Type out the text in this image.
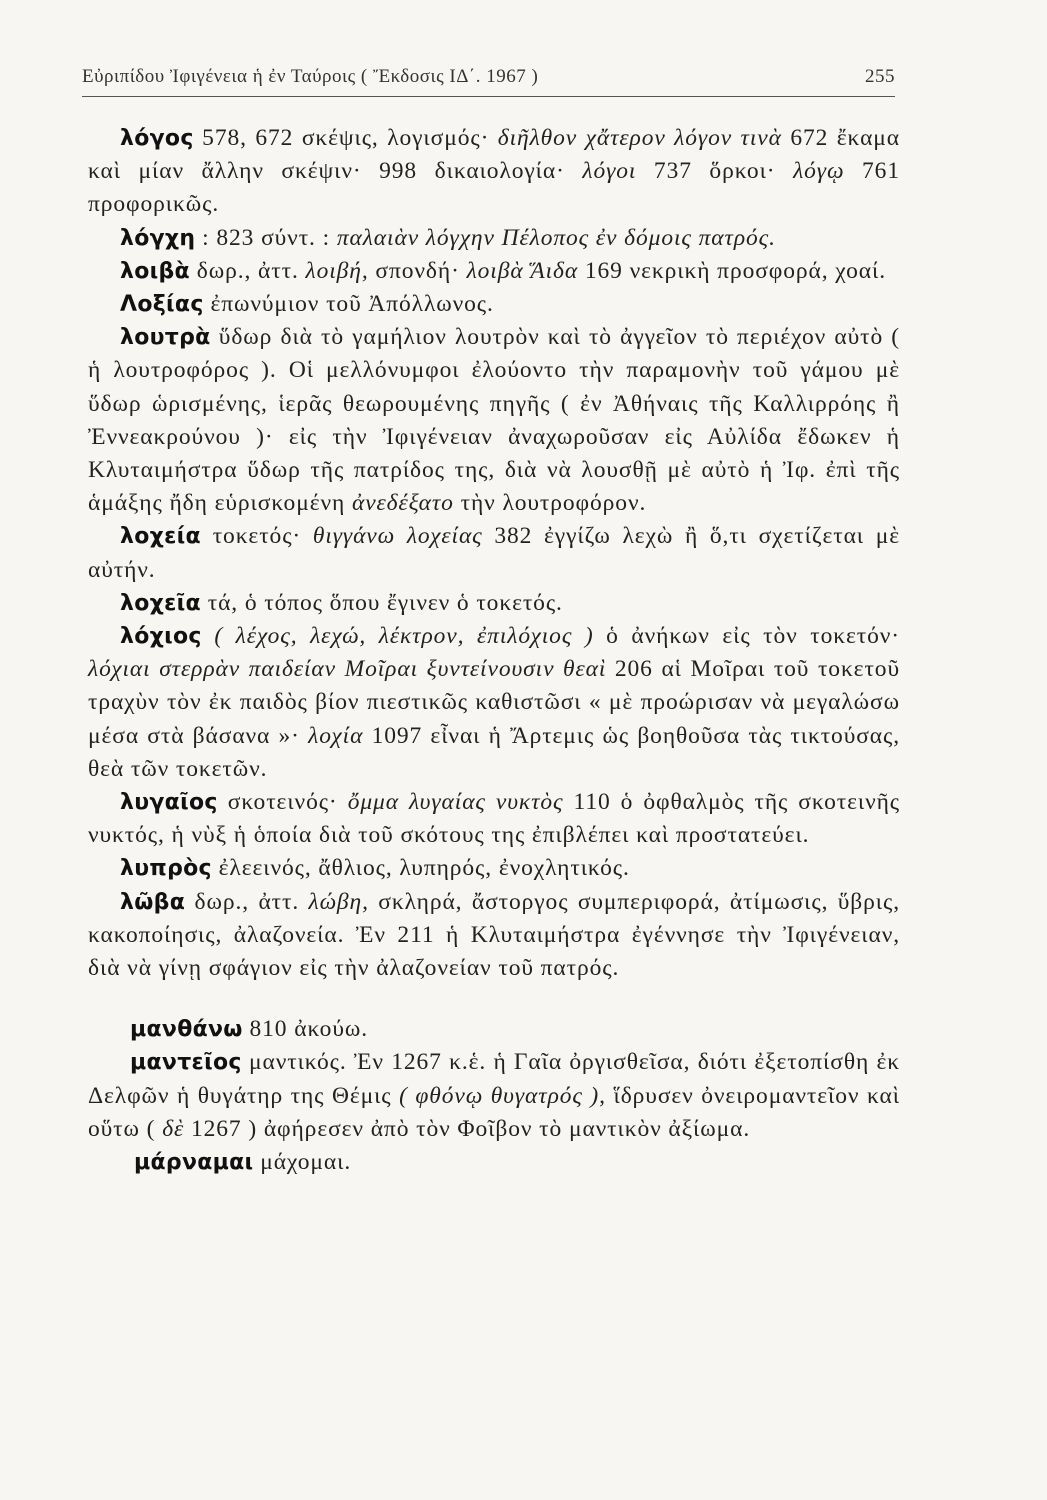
Εὐριπίδου Ἰφιγένεια ἡ ἐν Ταύροις ( Ἔκδοσις ΙΔ΄. 1967 )	255

λόγος 578, 672 σκέψις, λογισμός· διῆλθον χἄτερον λόγον τινὰ 672 ἔκαμα καὶ μίαν ἄλλην σκέψιν· 998 δικαιολογία· λόγοι 737 ὅρκοι· λόγῳ 761 προφορικῶς.

λόγχη : 823 σύντ. : παλαιὰν λόγχην Πέλοπος ἐν δόμοις πατρός.

λοιβὰ δωρ., ἀττ. λοιβή, σπονδή· λοιβὰ Ἅιδα 169 νεκρικὴ προσφορά, χοαί.

Λοξίας ἐπωνύμιον τοῦ Ἀπόλλωνος.

λουτρὰ ὕδωρ διὰ τὸ γαμήλιον λουτρὸν καὶ τὸ ἀγγεῖον τὸ περιέχον αὐτὸ ( ἡ λουτροφόρος ). Οἱ μελλόνυμφοι ἐλούοντο τὴν παραμονὴν τοῦ γάμου μὲ ὕδωρ ὡρισμένης, ἱερᾶς θεωρουμένης πηγῆς ( ἐν Ἀθήναις τῆς Καλλιρρόης ἢ Ἐννεακρούνου )· εἰς τὴν Ἰφιγένειαν ἀναχωροῦσαν εἰς Αὐλίδα ἔδωκεν ἡ Κλυταιμήστρα ὕδωρ τῆς πατρίδος της, διὰ νὰ λουσθῇ μὲ αὐτὸ ἡ Ἰφ. ἐπὶ τῆς ἁμάξης ἤδη εὑρισκομένη ἀνεδέξατο τὴν λουτροφόρον.

λοχεία τοκετός· θιγγάνω λοχείας 382 ἐγγίζω λεχὼ ἢ ὅ,τι σχετίζεται μὲ αὐτήν.

λοχεῖα τά, ὁ τόπος ὅπου ἔγινεν ὁ τοκετός.

λόχιος ( λέχος, λεχώ, λέκτρον, ἐπιλόχιος ) ὁ ἀνήκων εἰς τὸν τοκετόν· λόχιαι στερρὰν παιδείαν Μοῖραι ξυντείνουσιν θεαὶ 206 αἱ Μοῖραι τοῦ τοκετοῦ τραχὺν τὸν ἐκ παιδὸς βίον πιεστικῶς καθιστῶσι « μὲ προώρισαν νὰ μεγαλώσω μέσα στὰ βάσανα »· λοχία 1097 εἶναι ἡ Ἄρτεμις ὡς βοηθοῦσα τὰς τικτούσας, θεὰ τῶν τοκετῶν.

λυγαῖος σκοτεινός· ὄμμα λυγαίας νυκτὸς 110 ὁ ὀφθαλμὸς τῆς σκοτεινῆς νυκτός, ἡ νὺξ ἡ ὁποία διὰ τοῦ σκότους της ἐπιβλέπει καὶ προστατεύει.

λυπρὸς ἐλεεινός, ἄθλιος, λυπηρός, ἐνοχλητικός.

λῶβα δωρ., ἀττ. λώβη, σκληρά, ἄστοργος συμπεριφορά, ἀτίμωσις, ὕβρις, κακοποίησις, ἀλαζονεία. Ἐν 211 ἡ Κλυταιμήστρα ἐγέννησε τὴν Ἰφιγένειαν, διὰ νὰ γίνῃ σφάγιον εἰς τὴν ἀλαζονείαν τοῦ πατρός.

μανθάνω 810 ἀκούω.

μαντεῖος μαντικός. Ἐν 1267 κ.ἑ. ἡ Γαῖα ὀργισθεῖσα, διότι ἐξετοπίσθη ἐκ Δελφῶν ἡ θυγάτηρ της Θέμις ( φθόνῳ θυγατρός ), ἵδρυσεν ὀνειρομαντεῖον καὶ οὕτω ( δὲ 1267 ) ἀφήρεσεν ἀπὸ τὸν Φοῖβον τὸ μαντικὸν ἀξίωμα.

μάρναμαι μάχομαι.
